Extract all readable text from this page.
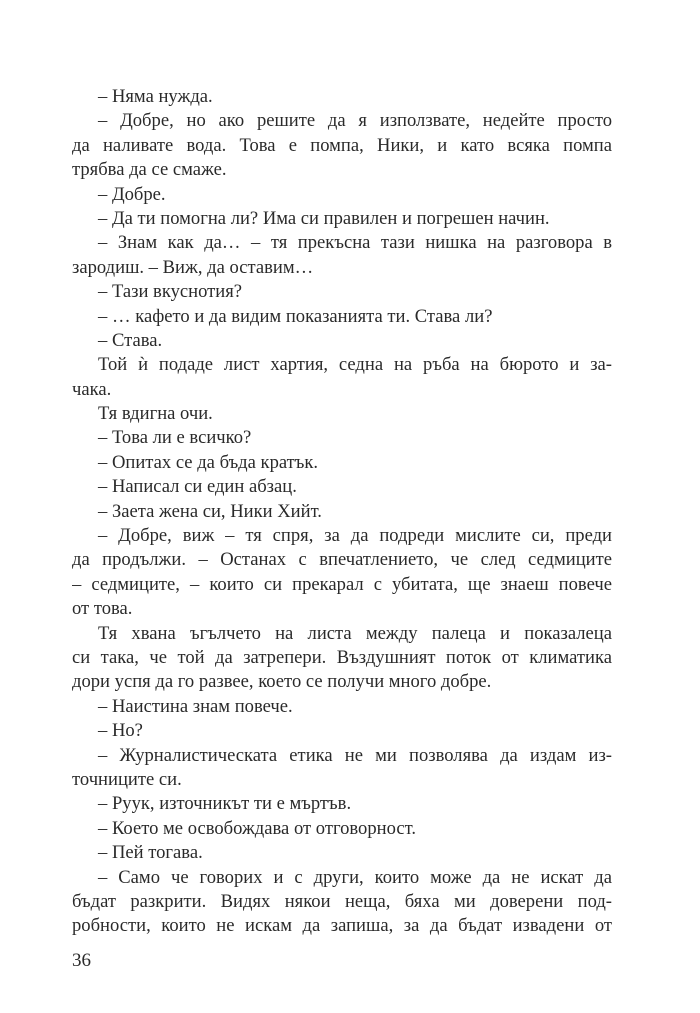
– Няма нужда.
– Добре, но ако решите да я използвате, недейте просто
да наливате вода. Това е помпа, Ники, и като всяка помпа
трябва да се смаже.
– Добре.
– Да ти помогна ли? Има си правилен и погрешен начин.
– Знам как да… – тя прекъсна тази нишка на разговора в
зародиш. – Виж, да оставим…
– Тази вкуснотия?
– … кафето и да видим показанията ти. Става ли?
– Става.
Той ѝ подаде лист хартия, седна на ръба на бюрото и за-
чака.
Тя вдигна очи.
– Това ли е всичко?
– Опитах се да бъда кратък.
– Написал си един абзац.
– Заета жена си, Ники Хийт.
– Добре, виж – тя спря, за да подреди мислите си, преди
да продължи. – Останах с впечатлението, че след седмиците
– седмиците, – които си прекарал с убитата, ще знаеш повече
от това.
Тя хвана ъгълчето на листа между палеца и показалеца
си така, че той да затрепери. Въздушният поток от климатика
дори успя да го развее, което се получи много добре.
– Наистина знам повече.
– Но?
– Журналистическата етика не ми позволява да издам из-
точниците си.
– Руук, източникът ти е мъртъв.
– Което ме освобождава от отговорност.
– Пей тогава.
– Само че говорих и с други, които може да не искат да
бъдат разкрити. Видях някои неща, бяха ми доверени под-
робности, които не искам да запиша, за да бъдат извадени от
36
